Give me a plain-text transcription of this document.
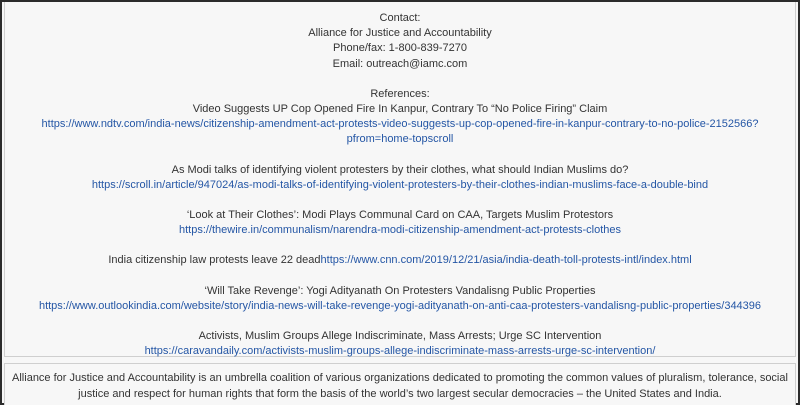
Contact:
Alliance for Justice and Accountability
Phone/fax: 1-800-839-7270
Email: outreach@iamc.com
References:
Video Suggests UP Cop Opened Fire In Kanpur, Contrary To “No Police Firing” Claim
https://www.ndtv.com/india-news/citizenship-amendment-act-protests-video-suggests-up-cop-opened-fire-in-kanpur-contrary-to-no-police-2152566?
pfrom=home-topscroll
As Modi talks of identifying violent protesters by their clothes, what should Indian Muslims do?
https://scroll.in/article/947024/as-modi-talks-of-identifying-violent-protesters-by-their-clothes-indian-muslims-face-a-double-bind
‘Look at Their Clothes’: Modi Plays Communal Card on CAA, Targets Muslim Protestors
https://thewire.in/communalism/narendra-modi-citizenship-amendment-act-protests-clothes
India citizenship law protests leave 22 deadhttps://www.cnn.com/2019/12/21/asia/india-death-toll-protests-intl/index.html
‘Will Take Revenge’: Yogi Adityanath On Protesters Vandalisng Public Properties
https://www.outlookindia.com/website/story/india-news-will-take-revenge-yogi-adityanath-on-anti-caa-protesters-vandalisng-public-properties/344396
Activists, Muslim Groups Allege Indiscriminate, Mass Arrests; Urge SC Intervention
https://caravandaily.com/activists-muslim-groups-allege-indiscriminate-mass-arrests-urge-sc-intervention/
Alliance for Justice and Accountability is an umbrella coalition of various organizations dedicated to promoting the common values of pluralism, tolerance, social
justice and respect for human rights that form the basis of the world’s two largest secular democracies – the United States and India.
